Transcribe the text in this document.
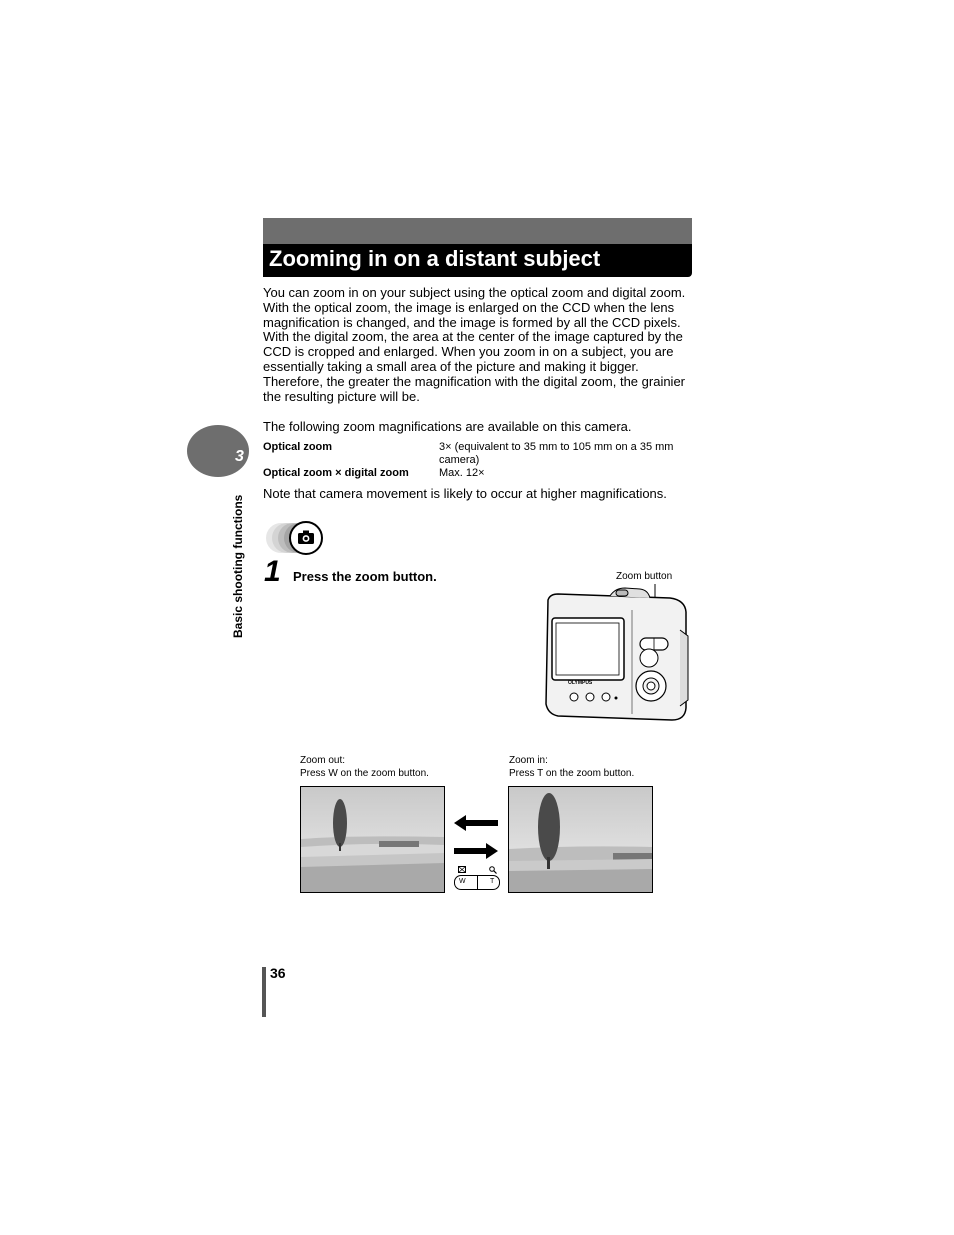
Zooming in on a distant subject
You can zoom in on your subject using the optical zoom and digital zoom. With the optical zoom, the image is enlarged on the CCD when the lens magnification is changed, and the image is formed by all the CCD pixels. With the digital zoom, the area at the center of the image captured by the CCD is cropped and enlarged. When you zoom in on a subject, you are essentially taking a small area of the picture and making it bigger. Therefore, the greater the magnification with the digital zoom, the grainier the resulting picture will be.
The following zoom magnifications are available on this camera.
Optical zoom	3× (equivalent to 35 mm to 105 mm on a 35 mm camera)
Optical zoom × digital zoom	Max. 12×
Note that camera movement is likely to occur at higher magnifications.
3
Basic shooting functions 1 Press the zoom button.	Zoom button
OLYMPUS
Zoom out:
Press W on the zoom button.
Zoom in:
Press T on the zoom button.
W	T
36
